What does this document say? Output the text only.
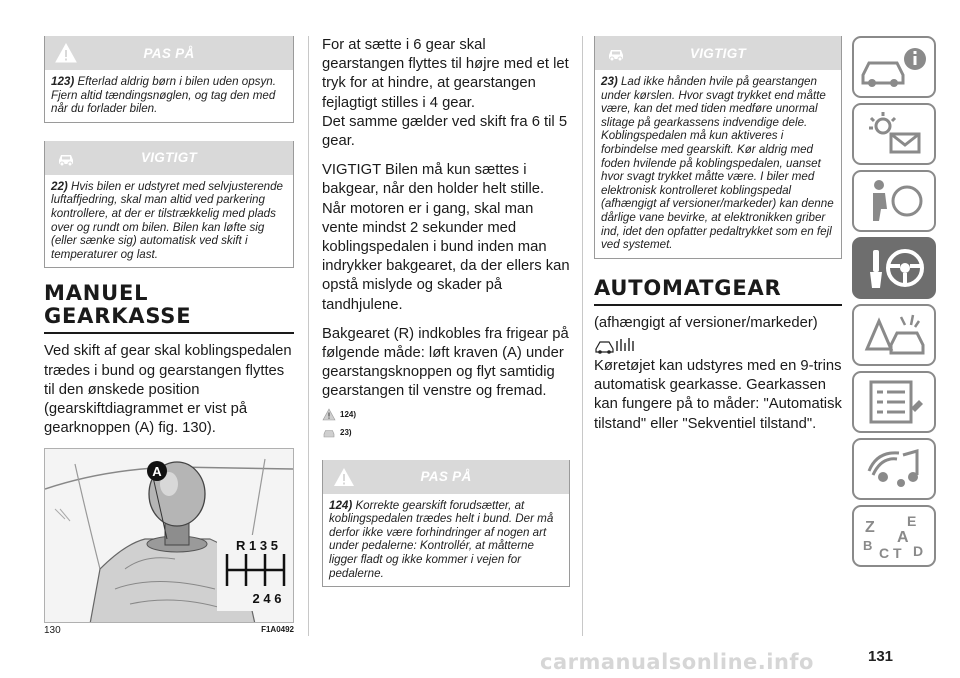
PAS PÅ

123) Efterlad aldrig børn i bilen uden opsyn. Fjern altid tændingsnøglen, og tag den med når du forlader bilen.

VIGTIGT

22) Hvis bilen er udstyret med selvjusterende luftaffjedring, skal man altid ved parkering kontrollere, at der er tilstrækkelig med plads over og rundt om bilen. Bilen kan løfte sig (eller sænke sig) automatisk ved skift i temperaturer og last.

MANUEL
GEARKASSE

Ved skift af gear skal koblingspedalen trædes i bund og gearstangen flyttes til den ønskede position (gearskiftdiagrammet er vist på gearknoppen (A) fig. 130).

A
R 1 3 5
2 4 6
130	F1A0492

For at sætte i 6 gear skal gearstangen flyttes til højre med et let tryk for at hindre, at gearstangen fejlagtigt stilles i 4 gear.

Det samme gælder ved skift fra 6 til 5 gear.

VIGTIGT Bilen må kun sættes i bakgear, når den holder helt stille. Når motoren er i gang, skal man vente mindst 2 sekunder med koblingspedalen i bund inden man indrykker bakgearet, da der ellers kan opstå mislyde og skader på tandhjulene.

Bakgearet (R) indkobles fra frigear på følgende måde: løft kraven (A) under gearstangsknoppen og flyt samtidig gearstangen til venstre og fremad.

124)
23)
PAS PÅ

124) Korrekte gearskift forudsætter, at koblingspedalen trædes helt i bund. Der må derfor ikke være forhindringer af nogen art under pedalerne: Kontrollér, at måtterne ligger fladt og ikke kommer i vejen for pedalerne.

VIGTIGT

23) Lad ikke hånden hvile på gearstangen under kørslen. Hvor svagt trykket end måtte være, kan det med tiden medføre unormal slitage på gearkassens indvendige dele. Koblingspedalen må kun aktiveres i forbindelse med gearskift. Kør aldrig med foden hvilende på koblingspedalen, uanset hvor svagt trykket måtte være. I biler med elektronisk kontrolleret koblingspedal (afhængigt af versioner/markeder) kan denne dårlige vane bevirke, at elektronikken griber ind, idet den opfatter pedaltrykket som en fejl ved systemet.

AUTOMATGEAR

(afhængigt af versioner/markeder)

Køretøjet kan udstyres med en 9-trins automatisk gearkasse. Gearkassen kan fungere på to måder: "Automatisk tilstand" eller "Sekventiel tilstand".

Z E
A
B C T D
131
carmanualsonline.info
